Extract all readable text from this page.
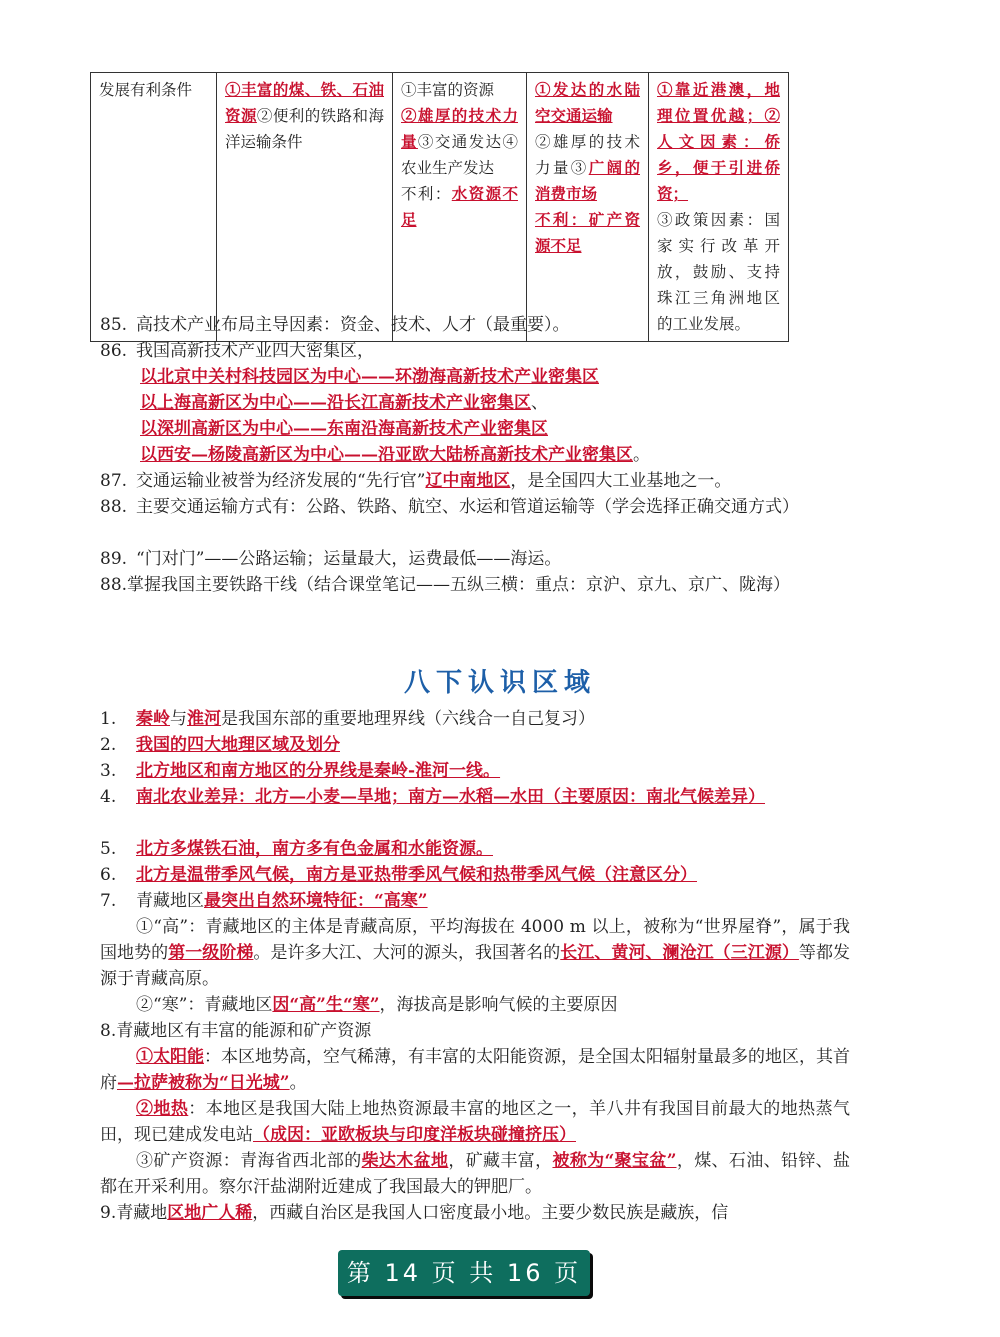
发展有利条件	①丰富的煤、铁、石油资源②便利的铁路和海洋运输条件	①丰富的资源
②雄厚的技术力量③交通发达④农业生产发达
不利：水资源不足	①发达的水陆空交通运输
②雄厚的技术力量③广阔的消费市场
不利：矿产资源不足	①靠近港澳，地理位置优越；②人文因素：侨乡，便于引进侨资；
③政策因素：国家实行改革开放，鼓励、支持珠江三角洲地区的工业发展。
85. 高技术产业布局主导因素：资金、技术、人才（最重要）。
86. 我国高新技术产业四大密集区，
以北京中关村科技园区为中心——环渤海高新技术产业密集区
以上海高新区为中心——沿长江高新技术产业密集区、
以深圳高新区为中心——东南沿海高新技术产业密集区
以西安—杨陵高新区为中心——沿亚欧大陆桥高新技术产业密集区。
87. 交通运输业被誉为经济发展的“先行官”辽中南地区，是全国四大工业基地之一。
88. 主要交通运输方式有：公路、铁路、航空、水运和管道运输等（学会选择正确交通方式）
89. “门对门”——公路运输；运量最大，运费最低——海运。
88.掌握我国主要铁路干线（结合课堂笔记——五纵三横：重点：京沪、京九、京广、陇海）
八下认识区域
1. 秦岭与淮河是我国东部的重要地理界线（六线合一自己复习）
2. 我国的四大地理区域及划分
3. 北方地区和南方地区的分界线是秦岭-淮河一线。
4. 南北农业差异：北方—小麦—旱地；南方—水稻—水田（主要原因：南北气候差异）
5. 北方多煤铁石油，南方多有色金属和水能资源。
6. 北方是温带季风气候，南方是亚热带季风气候和热带季风气候（注意区分）
7. 青藏地区最突出自然环境特征：“高寒”
①“高”：青藏地区的主体是青藏高原，平均海拔在 4000 m 以上，被称为“世界屋脊”，属于我国地势的第一级阶梯。是许多大江、大河的源头，我国著名的长江、黄河、澜沧江（三江源）等都发源于青藏高原。
②“寒”：青藏地区因“高”生“寒”，海拔高是影响气候的主要原因
8.青藏地区有丰富的能源和矿产资源
①太阳能：本区地势高，空气稀薄，有丰富的太阳能资源，是全国太阳辐射量最多的地区，其首府—拉萨被称为“日光城”。
②地热：本地区是我国大陆上地热资源最丰富的地区之一，羊八井有我国目前最大的地热蒸气田，现已建成发电站（成因：亚欧板块与印度洋板块碰撞挤压）
③矿产资源：青海省西北部的柴达木盆地，矿藏丰富，被称为“聚宝盆”，煤、石油、铅锌、盐都在开采利用。察尔汗盐湖附近建成了我国最大的钾肥厂。
9.青藏地区地广人稀，西藏自治区是我国人口密度最小地。主要少数民族是藏族，信
第 14 页 共 16 页
